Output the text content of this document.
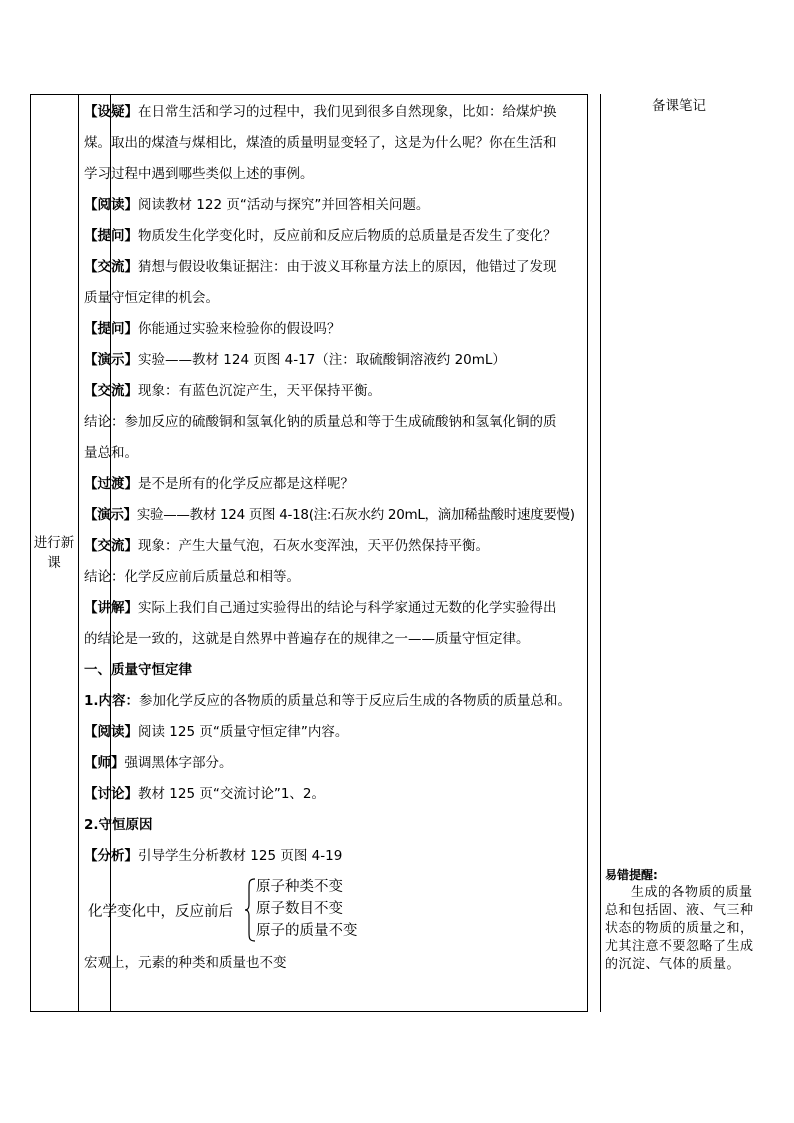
进行新课

【设疑】在日常生活和学习的过程中，我们见到很多自然现象，比如：给煤炉换

煤。取出的煤渣与煤相比，煤渣的质量明显变轻了，这是为什么呢？你在生活和

学习过程中遇到哪些类似上述的事例。

【阅读】阅读教材 122 页“活动与探究”并回答相关问题。

【提问】物质发生化学变化时，反应前和反应后物质的总质量是否发生了变化？

【交流】猜想与假设收集证据注：由于波义耳称量方法上的原因，他错过了发现

质量守恒定律的机会。

【提问】你能通过实验来检验你的假设吗？

【演示】实验——教材 124 页图 4-17（注：取硫酸铜溶液约 20mL）

【交流】现象：有蓝色沉淀产生，天平保持平衡。

结论：参加反应的硫酸铜和氢氧化钠的质量总和等于生成硫酸钠和氢氧化铜的质

量总和。

【过渡】是不是所有的化学反应都是这样呢？

【演示】实验——教材 124 页图 4-18(注:石灰水约 20mL，滴加稀盐酸时速度要慢)

【交流】现象：产生大量气泡，石灰水变浑浊，天平仍然保持平衡。

结论：化学反应前后质量总和相等。

【讲解】实际上我们自己通过实验得出的结论与科学家通过无数的化学实验得出

的结论是一致的，这就是自然界中普遍存在的规律之一——质量守恒定律。

一、质量守恒定律

1.内容：参加化学反应的各物质的质量总和等于反应后生成的各物质的质量总和。

【阅读】阅读 125 页“质量守恒定律”内容。

【师】强调黑体字部分。

【讨论】教材 125 页“交流讨论”1、2。

2.守恒原因

【分析】引导学生分析教材 125 页图 4-19

化学变化中，反应前后
原子种类不变
原子数目不变
原子的质量不变

宏观上，元素的种类和质量也不变

备课笔记
易错提醒:
生成的各物质的质量总和包括固、液、气三种状态的物质的质量之和，尤其注意不要忽略了生成的沉淀、气体的质量。
